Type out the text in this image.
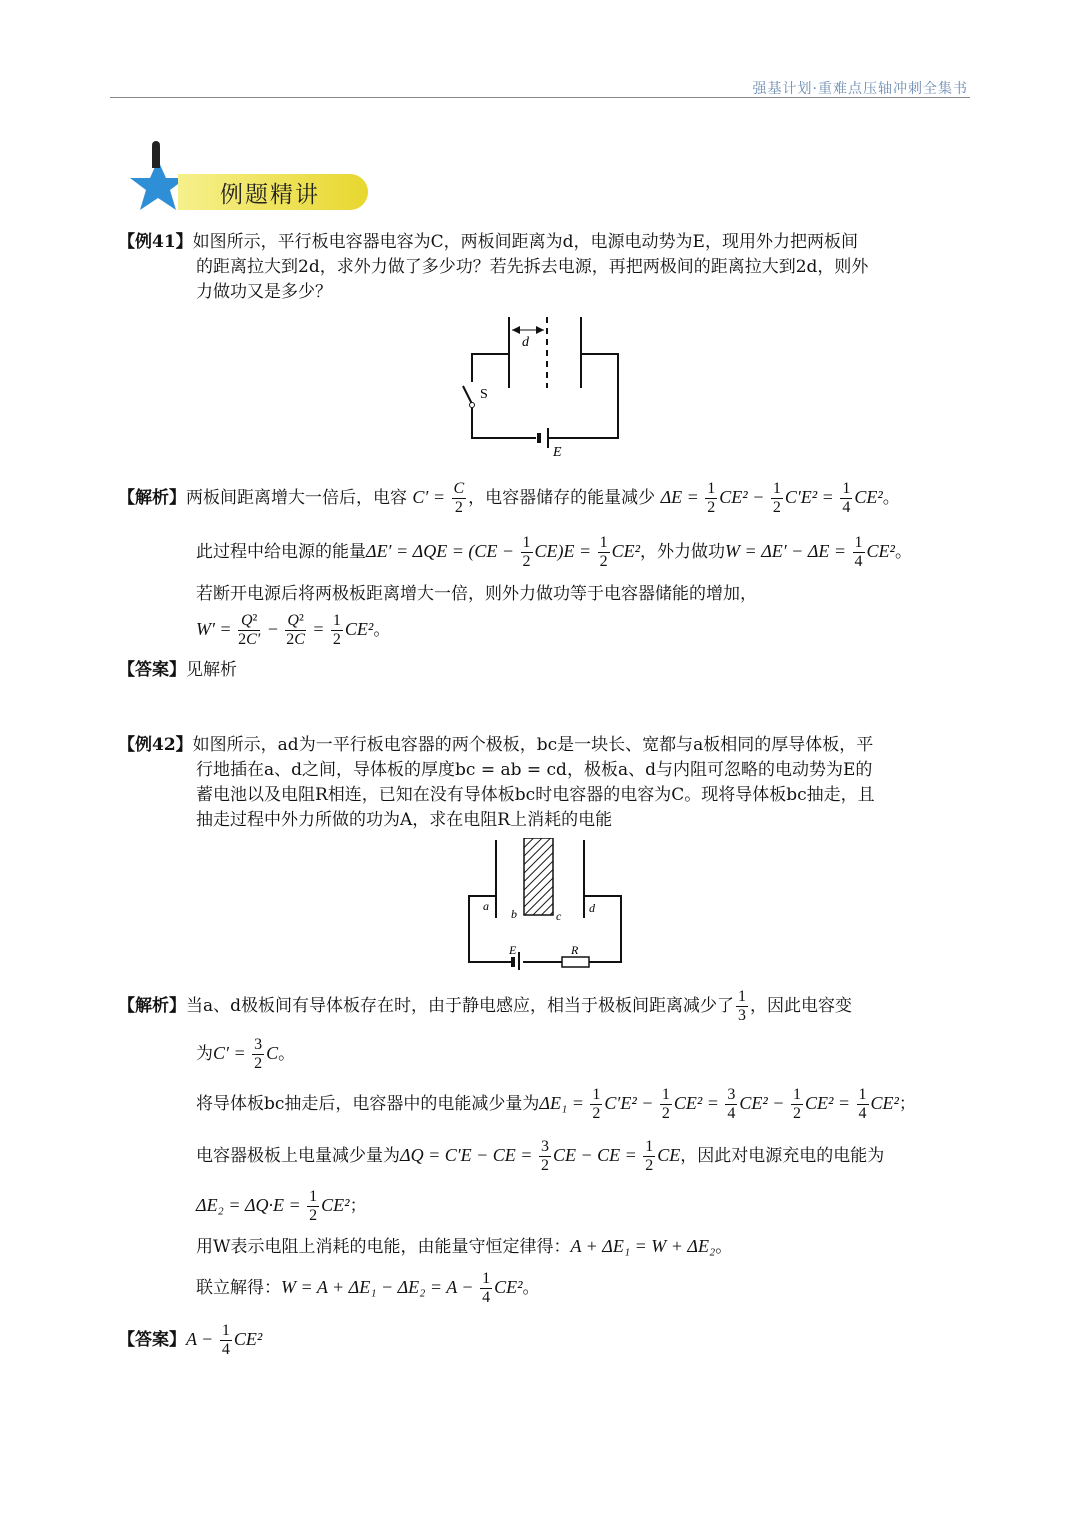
强基计划·重难点压轴冲刺全集书
例题精讲
【例41】如图所示，平行板电容器电容为C，两板间距离为d，电源电动势为E，现用外力把两板间
的距离拉大到2d，求外力做了多少功？若先拆去电源，再把两极间的距离拉大到2d，则外
力做功又是多少？
d
S
E
【解析】两板间距离增大一倍后，电容 $C' = \frac{C}{2}$ ，电容器储存的能量减少 $\Delta E = \frac{1}{2} CE^2 - \frac{1}{2} C'E^2 = \frac{1}{4} CE^2$。
此过程中给电源的能量$\Delta E' = \Delta QE = (CE - \frac{1}{2} CE)E = \frac{1}{2} CE^2$，外力做功$W = \Delta E' - \Delta E = \frac{1}{4} CE^2$。
若断开电源后将两极板距离增大一倍，则外力做功等于电容器储能的增加，
$W' = \frac{\text{Q²}}{2C'} - \frac{\text{Q²}}{2C} = \frac{1}{2} CE^2$。
【答案】见解析
【例42】如图所示，ad为一平行板电容器的两个极板，bc是一块长、宽都与a板相同的厚导体板，平
行地插在a、d之间，导体板的厚度bc = ab = cd，极板a、d与内阻可忽略的电动势为E的
蓄电池以及电阻R相连，已知在没有导体板bc时电容器的电容为C。现将导体板bc抽走，且
抽走过程中外力所做的功为A，求在电阻R上消耗的电能
a
b	c
d
E	R
【解析】当a、d极板间有导体板存在时，由于静电感应，相当于极板间距离减少了 $\frac{1}{3}$ ，因此电容变
为$C' = \frac{3}{2}$ C。
将导体板bc抽走后，电容器中的电能减少量为$\Delta E_1 = \frac{1}{2} C'E^2 - \frac{1}{2} CE^2 = \frac{3}{4} CE^2 - \frac{1}{2} CE^2 = \frac{1}{4} CE^2$；
电容器极板上电量减少量为ΔQ = C′E − CE = $\frac{3}{2}$ CE − CE = $\frac{1}{2}$ CE，因此对电源充电的电能为
$\Delta E_2 = \Delta Q\cdot E = \frac{1}{2} CE^2$；
用W表示电阻上消耗的电能，由能量守恒定律得：A + ΔE₁ = W + ΔE₂。
联立解得：$W = A + \Delta E_1 - \Delta E_2 = A - \frac{1}{4} CE^2$。
【答案】$A - \frac{1}{4} CE^2$
